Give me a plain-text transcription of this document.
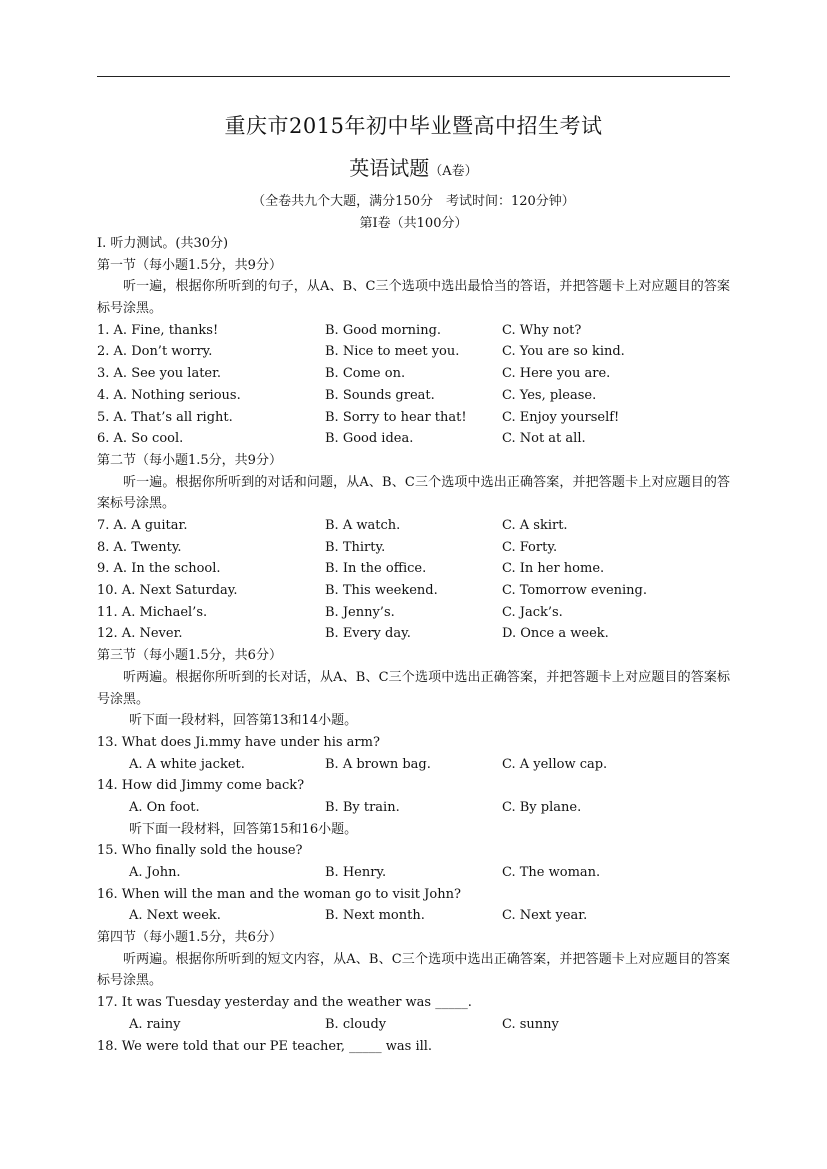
重庆市2015年初中毕业暨高中招生考试
英语试题（A卷）
（全卷共九个大题，满分150分　考试时间：120分钟）
第I卷（共100分）
I. 听力测试。(共30分)
第一节（每小题1.5分，共9分）
听一遍，根据你所听到的句子，从A、B、C三个选项中选出最恰当的答语，并把答题卡上对应题目的答案标号涂黑。
1. A. Fine, thanks!	B. Good morning.	C. Why not?
2. A. Don’t worry.	B. Nice to meet you.	C. You are so kind.
3. A. See you later.	B. Come on.	C. Here you are.
4. A. Nothing serious.	B. Sounds great.	C. Yes, please.
5. A. That’s all right.	B. Sorry to hear that!	C. Enjoy yourself!
6. A. So cool.	B. Good idea.	C. Not at all.
第二节（每小题1.5分，共9分）
听一遍。根据你所听到的对话和问题，从A、B、C三个选项中选出正确答案，并把答题卡上对应题目的答案标号涂黑。
7. A. A guitar.	B. A watch.	C. A skirt.
8. A. Twenty.	B. Thirty.	C. Forty.
9. A. In the school.	B. In the office.	C. In her home.
10. A. Next Saturday.	B. This weekend.	C. Tomorrow evening.
11. A. Michael’s.	B. Jenny’s.	C. Jack’s.
12. A. Never.	B. Every day.	D. Once a week.
第三节（每小题1.5分，共6分）
听两遍。根据你所听到的长对话，从A、B、C三个选项中选出正确答案，并把答题卡上对应题目的答案标号涂黑。
听下面一段材料，回答第13和14小题。
13. What does Ji.mmy have under his arm?
A. A white jacket.	B. A brown bag.	C. A yellow cap.
14. How did Jimmy come back?
A. On foot.	B. By train.	C. By plane.
听下面一段材料，回答第15和16小题。
15. Who finally sold the house?
A. John.	B. Henry.	C. The woman.
16. When will the man and the woman go to visit John?
A. Next week.	B. Next month.	C. Next year.
第四节（每小题1.5分，共6分）
听两遍。根据你所听到的短文内容，从A、B、C三个选项中选出正确答案，并把答题卡上对应题目的答案标号涂黑。
17. It was Tuesday yesterday and the weather was _____.
A. rainy	B. cloudy	C. sunny
18. We were told that our PE teacher, _____ was ill.
